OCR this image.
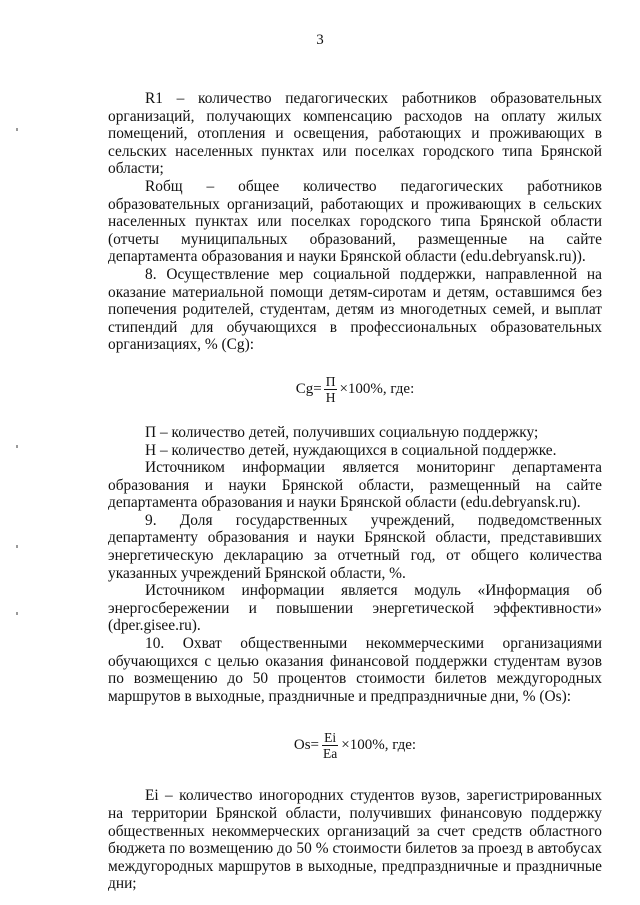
3

R1 – количество педагогических работников образовательных организаций, получающих компенсацию расходов на оплату жилых помещений, отопления и освещения, работающих и проживающих в сельских населенных пунктах или поселках городского типа Брянской области;

Rобщ – общее количество педагогических работников образовательных организаций, работающих и проживающих в сельских населенных пунктах или поселках городского типа Брянской области (отчеты муниципальных образований, размещенные на сайте департамента образования и науки Брянской области (edu.debryansk.ru)).

8. Осуществление мер социальной поддержки, направленной на оказание материальной помощи детям-сиротам и детям, оставшимся без попечения родителей, студентам, детям из многодетных семей, и выплат стипендий для обучающихся в профессиональных образовательных организациях, % (Cg):

$Cg= \frac{П}{Н} \times 100\%$, где:

П – количество детей, получивших социальную поддержку;

Н – количество детей, нуждающихся в социальной поддержке.

Источником информации является мониторинг департамента образования и науки Брянской области, размещенный на сайте департамента образования и науки Брянской области (edu.debryansk.ru).

9. Доля государственных учреждений, подведомственных департаменту образования и науки Брянской области, представивших энергетическую декларацию за отчетный год, от общего количества указанных учреждений Брянской области, %.

Источником информации является модуль «Информация об энергосбережении и повышении энергетической эффективности» (dper.gisee.ru).

10. Охват общественными некоммерческими организациями обучающихся с целью оказания финансовой поддержки студентам вузов по возмещению до 50 процентов стоимости билетов междугородных маршрутов в выходные, праздничные и предпраздничные дни, % (Os):

$Os= \frac{Ei}{Ea} \times 100\%$, где:

Ei – количество иногородних студентов вузов, зарегистрированных на территории Брянской области, получивших финансовую поддержку общественных некоммерческих организаций за счет средств областного бюджета по возмещению до 50 % стоимости билетов за проезд в автобусах междугородных маршрутов в выходные, предпраздничные и праздничные дни;
